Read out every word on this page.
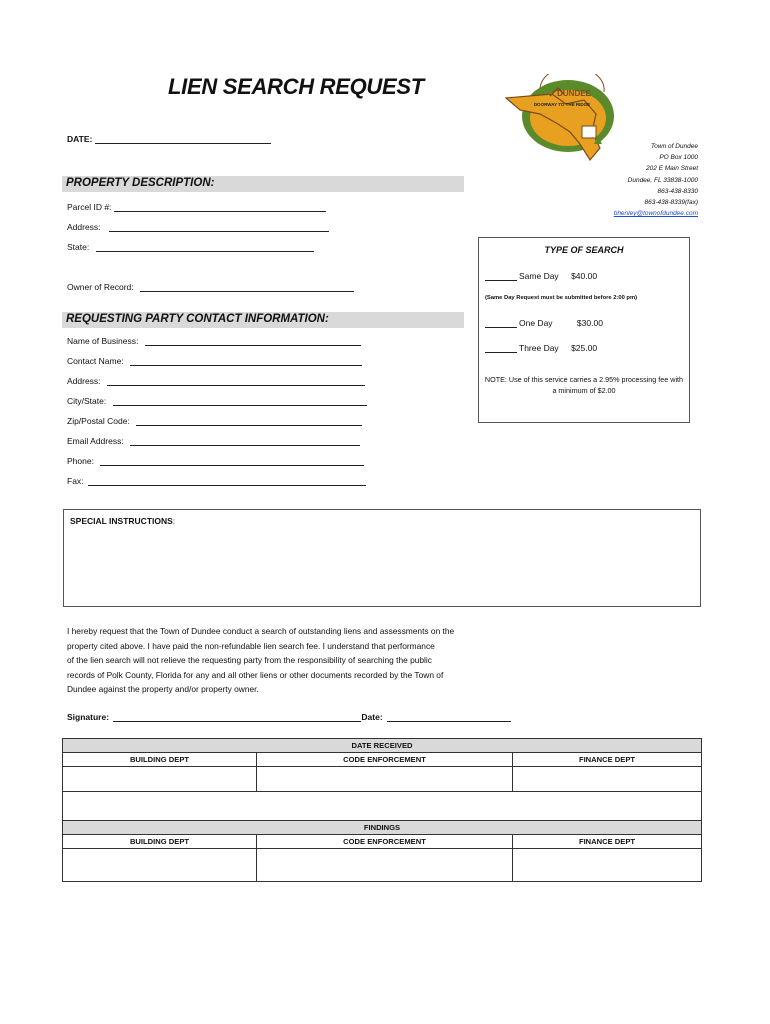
LIEN SEARCH REQUEST
DATE:
DUNDEE
DOORWAY TO THE RIDGE
Town of Dundee
PO Box 1000
202 E Main Street
Dundee, FL 33838-1000
863-438-8330
863-438-8339(fax)
bhenley@townofdundee.com
PROPERTY DESCRIPTION:
Parcel ID #:
Address:
State:
Owner of Record:
TYPE OF SEARCH
Same Day $40.00
(Same Day Request must be submitted before 2:00 pm)
One Day	$30.00
Three Day $25.00
NOTE: Use of this service carries a 2.95% processing fee with a minimum of $2.00
REQUESTING PARTY CONTACT INFORMATION:
Name of Business:
Contact Name:
Address:
City/State:
Zip/Postal Code:
Email Address:
Phone:
Fax:
SPECIAL INSTRUCTIONS:
I hereby request that the Town of Dundee conduct a search of outstanding liens and assessments on the
property cited above. I have paid the non-refundable lien search fee. I understand that performance
of the lien search will not relieve the requesting party from the responsibility of searching the public
records of Polk County, Florida for any and all other liens or other documents recorded by the Town of
Dundee against the property and/or property owner.
Signature:	Date:
DATE RECEIVED		
BUILDING DEPT	CODE ENFORCEMENT	FINANCE DEPT

FINDINGS		
BUILDING DEPT	CODE ENFORCEMENT	FINANCE DEPT
